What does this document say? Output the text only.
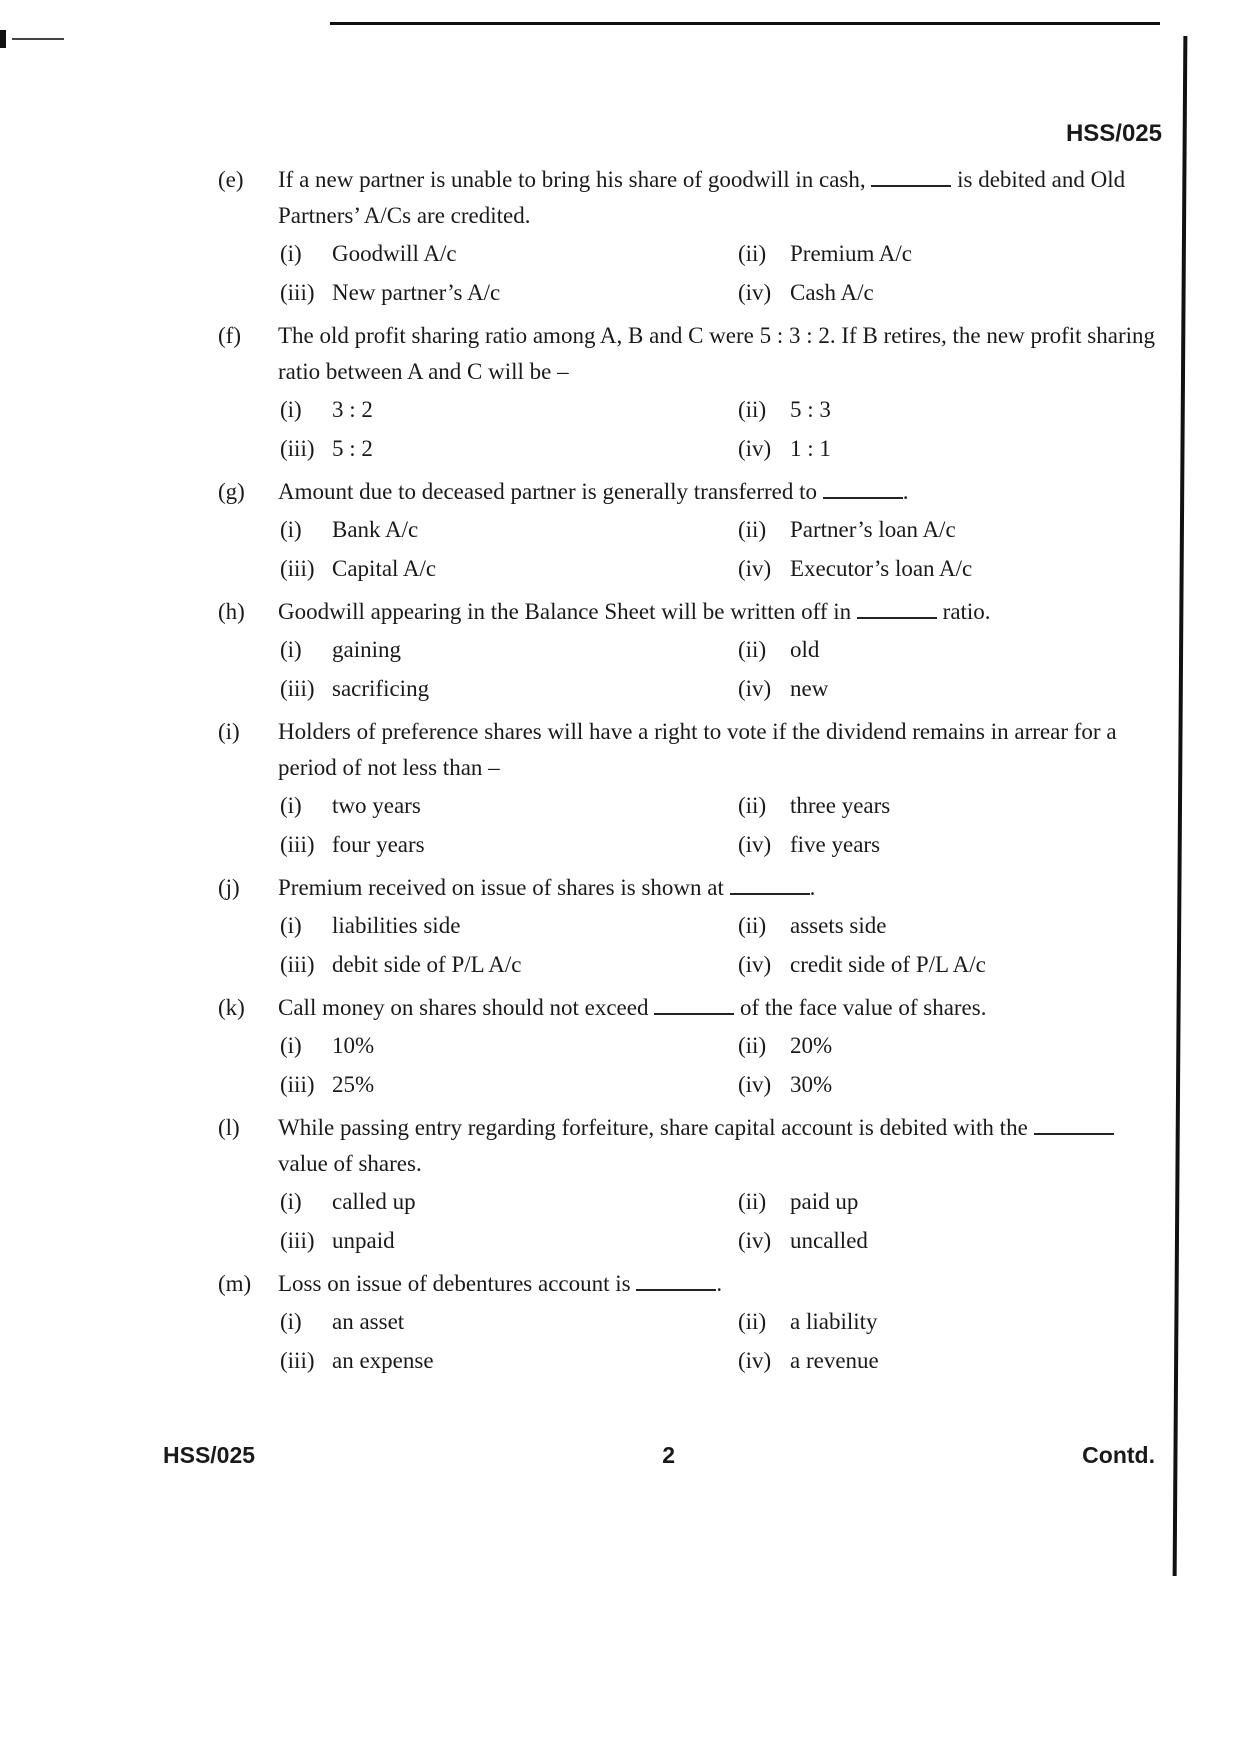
HSS/025
(e)	If a new partner is unable to bring his share of goodwill in cash,	is debited and Old Partners’ A/Cs are credited.
(i)	Goodwill A/c	(ii)	Premium A/c
(iii) New partner’s A/c	(iv) Cash A/c
(f)	The old profit sharing ratio among A, B and C were 5 : 3 : 2. If B retires, the new profit sharing ratio between A and C will be –
(i)	3 : 2	(ii)	5 : 3
(iii) 5 : 2	(iv) 1 : 1
(g)	Amount due to deceased partner is generally transferred to	.
(i)	Bank A/c	(ii)	Partner’s loan A/c
(iii) Capital A/c	(iv) Executor’s loan A/c
(h)	Goodwill appearing in the Balance Sheet will be written off in	ratio.
(i)	gaining	(ii)	old
(iii) sacrificing	(iv) new
(i)	Holders of preference shares will have a right to vote if the dividend remains in arrear for a period of not less than –
(i)	two years	(ii)	three years
(iii) four years	(iv) five years
(j)	Premium received on issue of shares is shown at	.
(i)	liabilities side	(ii)	assets side
(iii) debit side of P/L A/c	(iv) credit side of P/L A/c
(k)	Call money on shares should not exceed	of the face value of shares.
(i)	10%	(ii)	20%
(iii) 25%	(iv) 30%
(l)	While passing entry regarding forfeiture, share capital account is debited with the  value of shares.
(i)	called up	(ii)	paid up
(iii) unpaid	(iv) uncalled
(m)	Loss on issue of debentures account is	.
(i)	an asset	(ii)	a liability
(iii) an expense	(iv) a revenue
HSS/025	2	Contd.
